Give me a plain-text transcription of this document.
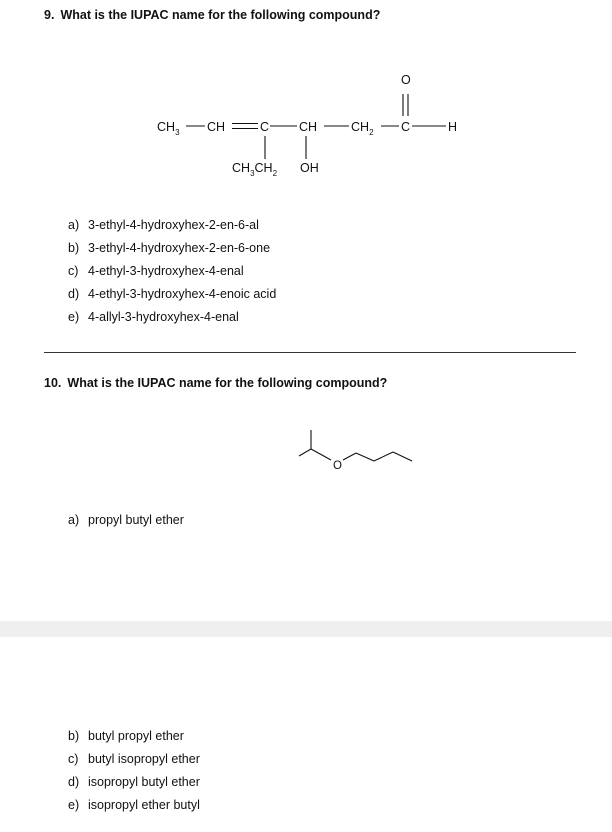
9. What is the IUPAC name for the following compound?
$CH_3$ CH	C CH	$CH_2$ C	H
O
$CH_3CH_2$ OH
a) 3-ethyl-4-hydroxyhex-2-en-6-al
b) 3-ethyl-4-hydroxyhex-2-en-6-one
c) 4-ethyl-3-hydroxyhex-4-enal
d) 4-ethyl-3-hydroxyhex-4-enoic acid
e) 4-allyl-3-hydroxyhex-4-enal
10. What is the IUPAC name for the following compound?
O
a) propyl butyl ether
b) butyl propyl ether
c) butyl isopropyl ether
d) isopropyl butyl ether
e) isopropyl ether butyl
